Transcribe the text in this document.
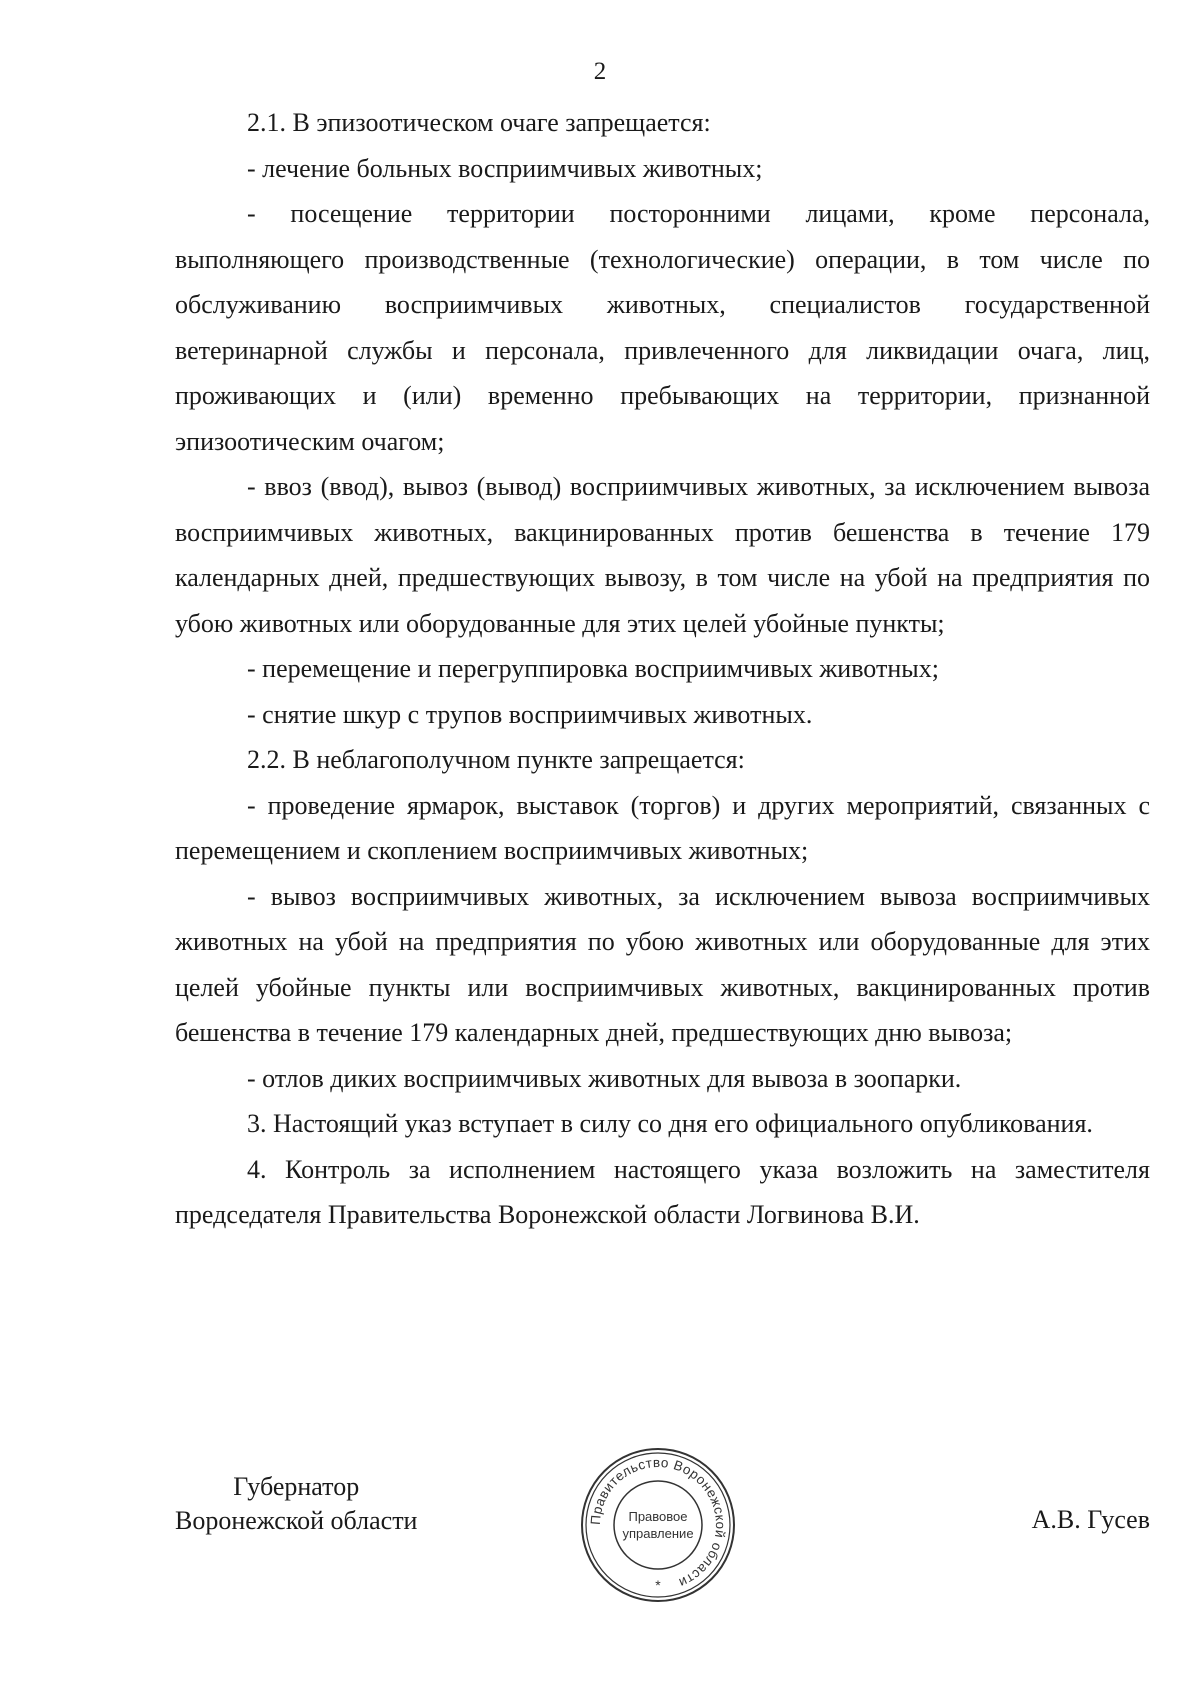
2

2.1. В эпизоотическом очаге запрещается:

- лечение больных восприимчивых животных;

- посещение территории посторонними лицами, кроме персонала, выполняющего производственные (технологические) операции, в том числе по обслуживанию восприимчивых животных, специалистов государственной ветеринарной службы и персонала, привлеченного для ликвидации очага, лиц, проживающих и (или) временно пребывающих на территории, признанной эпизоотическим очагом;

- ввоз (ввод), вывоз (вывод) восприимчивых животных, за исключением вывоза восприимчивых животных, вакцинированных против бешенства в течение 179 календарных дней, предшествующих вывозу, в том числе на убой на предприятия по убою животных или оборудованные для этих целей убойные пункты;

- перемещение и перегруппировка восприимчивых животных;

- снятие шкур с трупов восприимчивых животных.

2.2. В неблагополучном пункте запрещается:

- проведение ярмарок, выставок (торгов) и других мероприятий, связанных с перемещением и скоплением восприимчивых животных;

- вывоз восприимчивых животных, за исключением вывоза восприимчивых животных на убой на предприятия по убою животных или оборудованные для этих целей убойные пункты или восприимчивых животных, вакцинированных против бешенства в течение 179 календарных дней, предшествующих дню вывоза;

- отлов диких восприимчивых животных для вывоза в зоопарки.

3. Настоящий указ вступает в силу со дня его официального опубликования.

4. Контроль за исполнением настоящего указа возложить на заместителя председателя Правительства Воронежской области Логвинова В.И.

Губернатор
Воронежской области	Правительство Воронежской области
Правовое
управление
*
А.В. Гусев
